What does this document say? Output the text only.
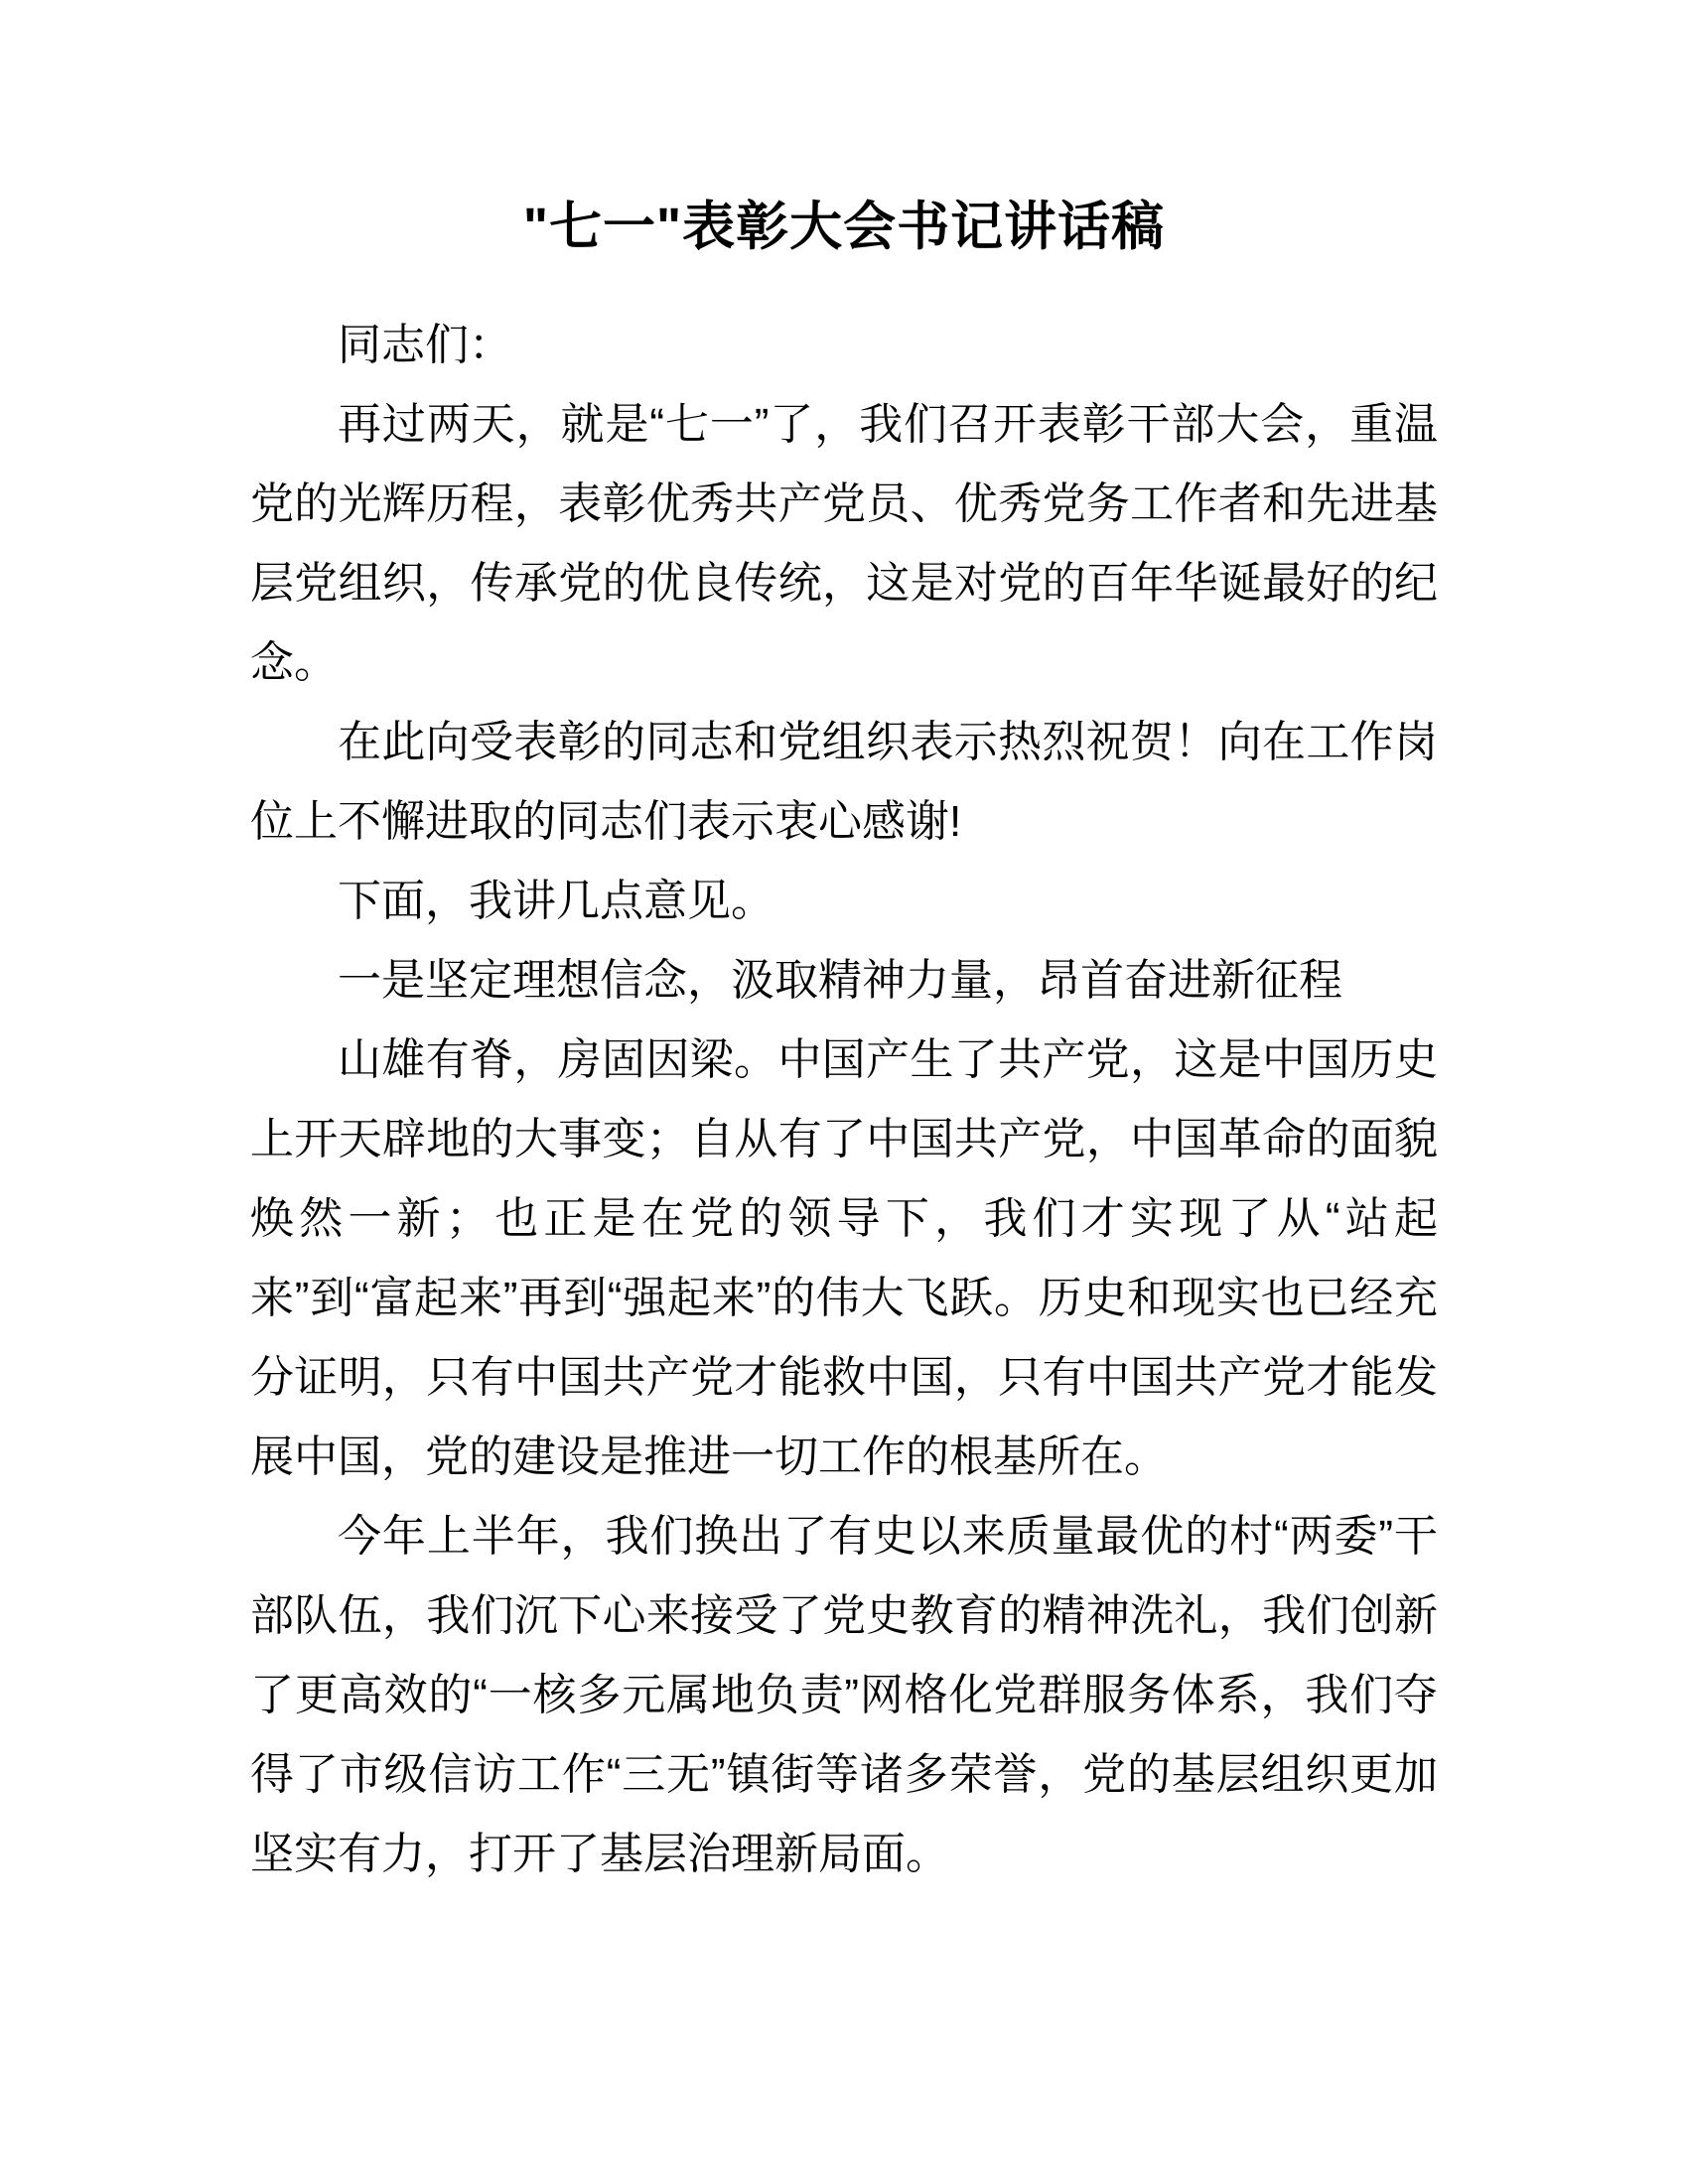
"七一"表彰大会书记讲话稿

同志们：

再过两天，就是“七一”了，我们召开表彰干部大会，重温党的光辉历程，表彰优秀共产党员、优秀党务工作者和先进基层党组织，传承党的优良传统，这是对党的百年华诞最好的纪念。

在此向受表彰的同志和党组织表示热烈祝贺！向在工作岗位上不懈进取的同志们表示衷心感谢!

下面，我讲几点意见。

一是坚定理想信念，汲取精神力量，昂首奋进新征程

山雄有脊，房固因梁。中国产生了共产党，这是中国历史上开天辟地的大事变；自从有了中国共产党，中国革命的面貌焕然一新；也正是在党的领导下，我们才实现了从“站起来”到“富起来”再到“强起来”的伟大飞跃。历史和现实也已经充分证明，只有中国共产党才能救中国，只有中国共产党才能发展中国，党的建设是推进一切工作的根基所在。

今年上半年，我们换出了有史以来质量最优的村“两委”干部队伍，我们沉下心来接受了党史教育的精神洗礼，我们创新了更高效的“一核多元属地负责”网格化党群服务体系，我们夺得了市级信访工作“三无”镇街等诸多荣誉，党的基层组织更加坚实有力，打开了基层治理新局面。
